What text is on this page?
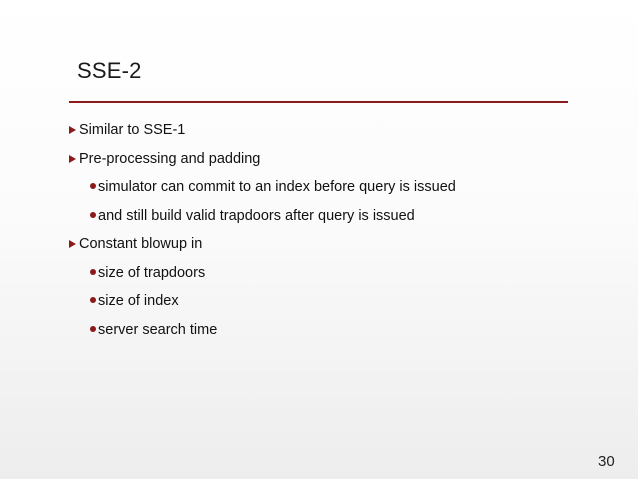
SSE-2
Similar to SSE-1
Pre-processing and padding
simulator can commit to an index before query is issued
and still build valid trapdoors after query is issued
Constant blowup in
size of trapdoors
size of index
server search time
30
